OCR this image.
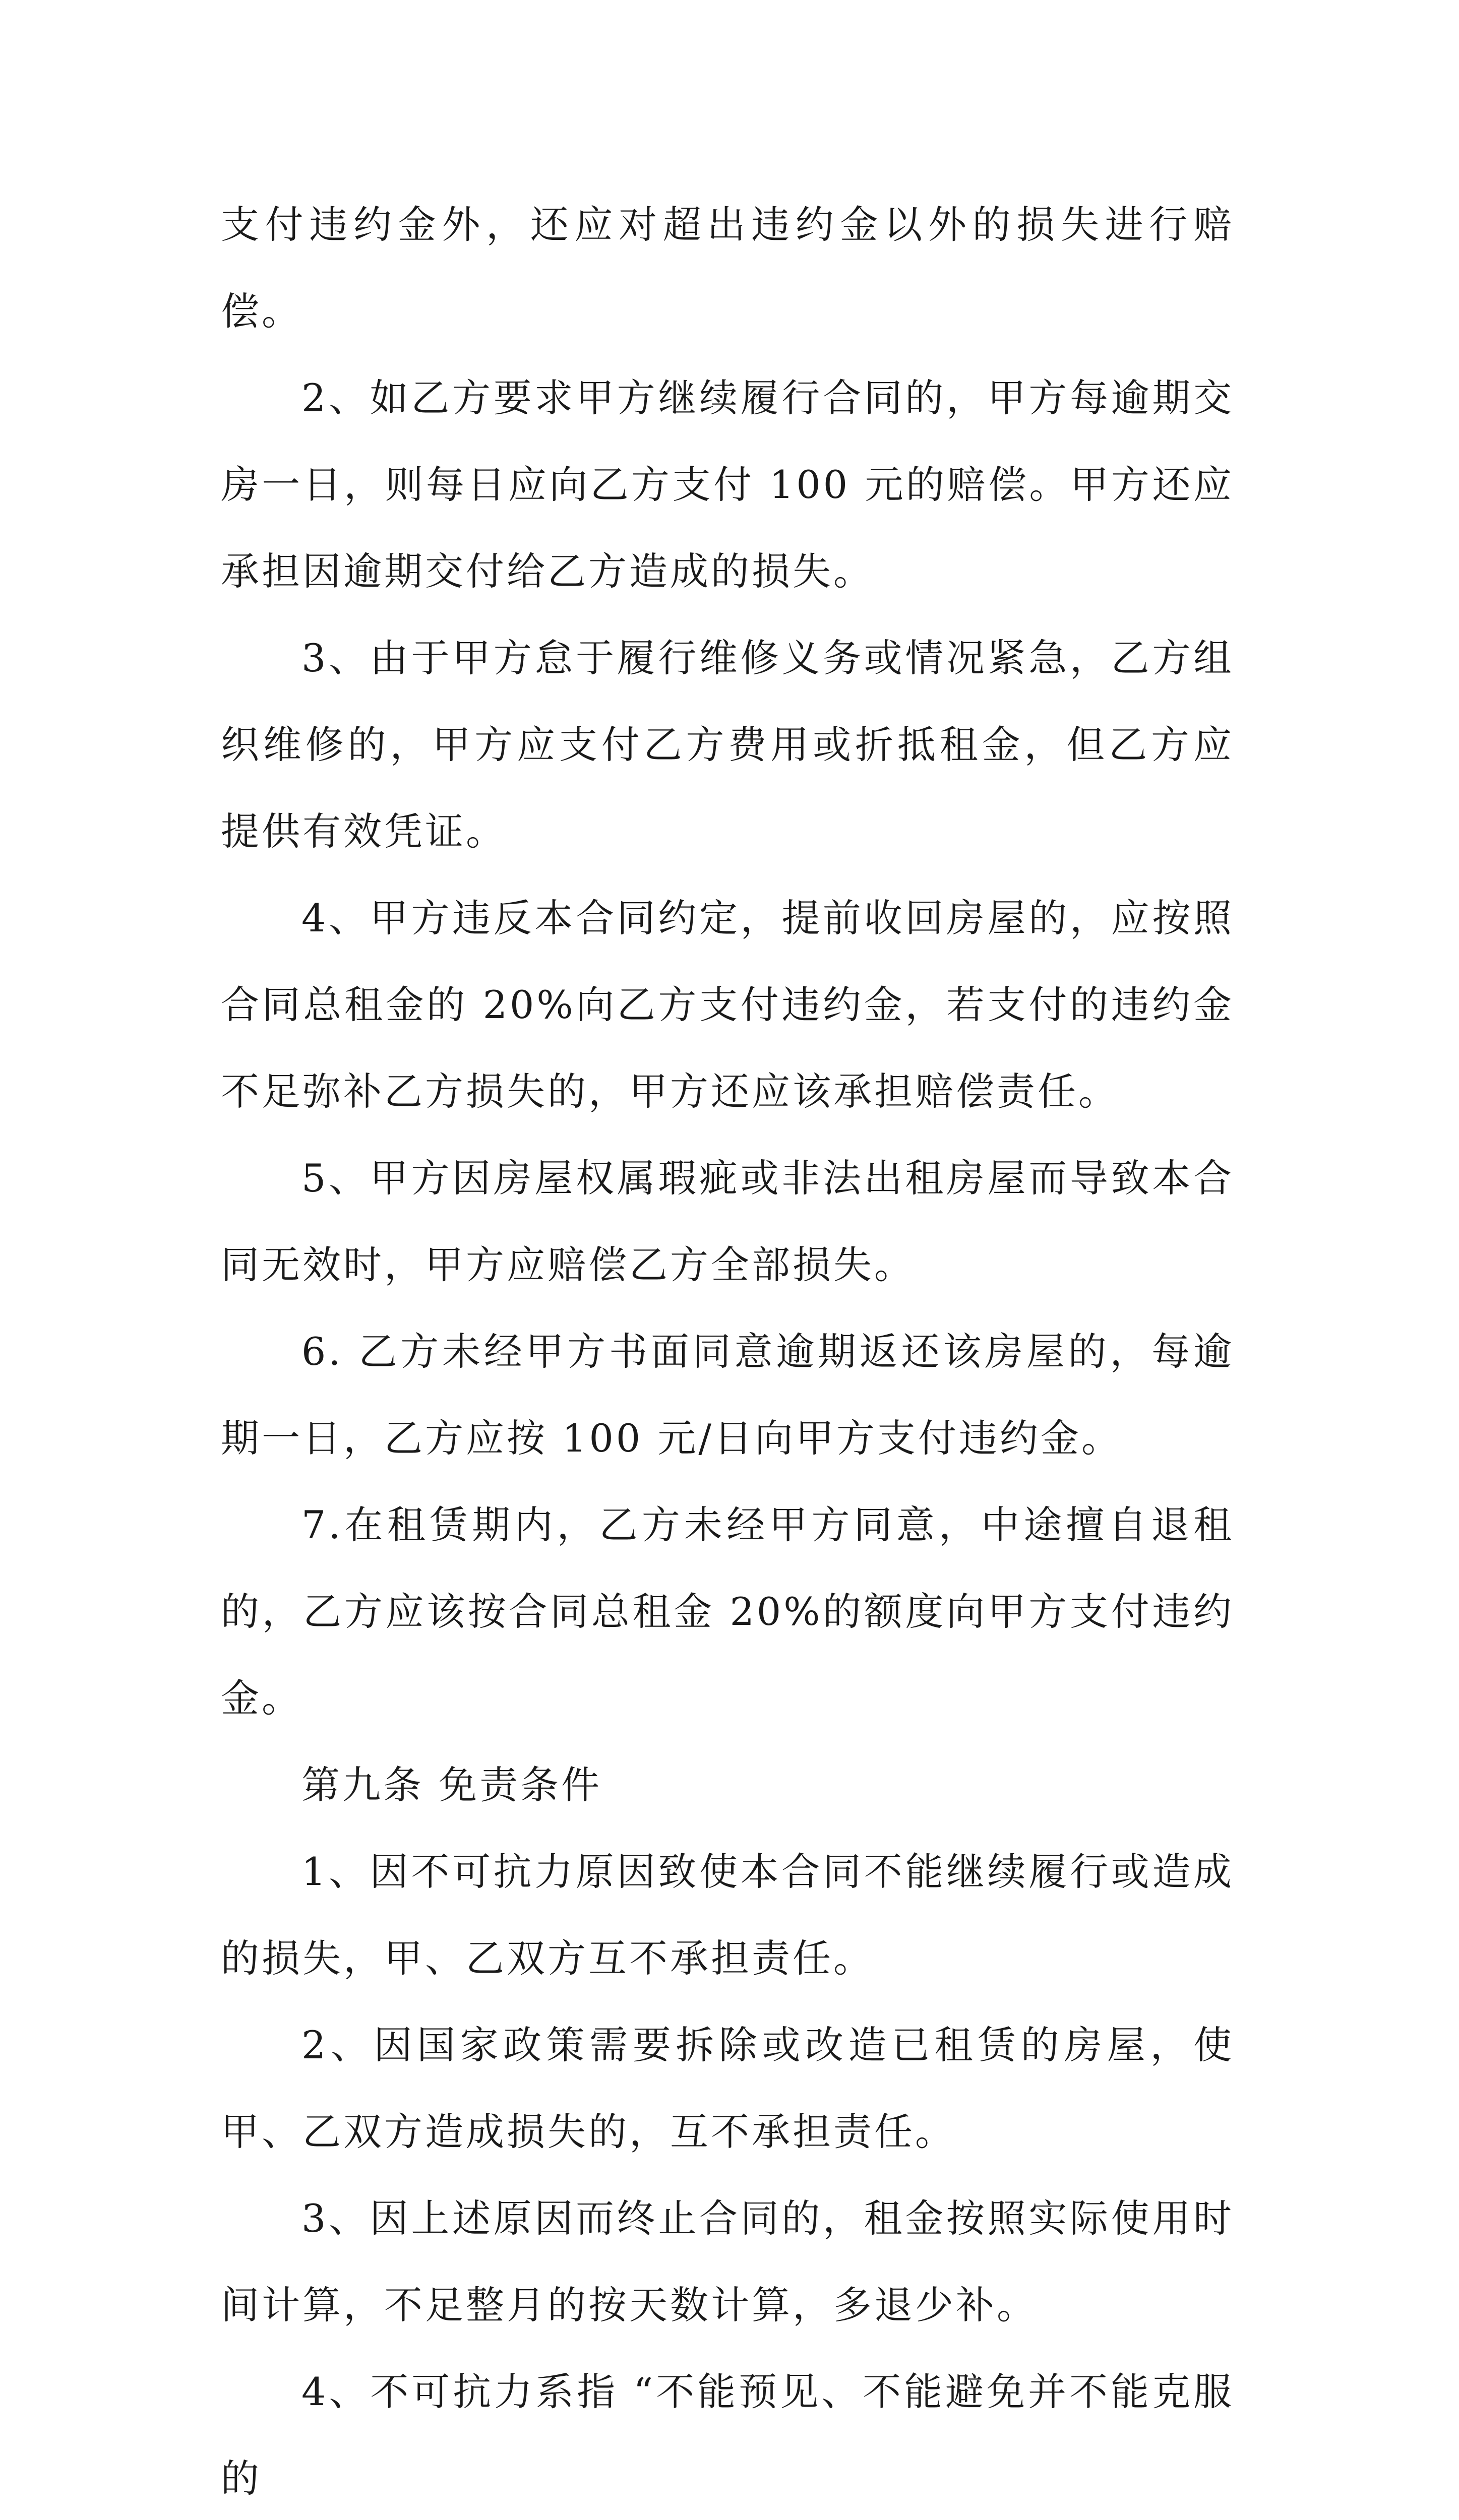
支付违约金外，还应对超出违约金以外的损失进行赔偿。

2、如乙方要求甲方继续履行合同的，甲方每逾期交房一日，则每日应向乙方支付 100 元的赔偿。甲方还应承担因逾期交付给乙方造成的损失。

3、由于甲方怠于履行维修义务或情况紧急，乙方组织维修的，甲方应支付乙方费用或折抵租金，但乙方应提供有效凭证。

4、甲方违反本合同约定，提前收回房屋的，应按照合同总租金的 20%向乙方支付违约金，若支付的违约金不足弥补乙方损失的，甲方还应该承担赔偿责任。

5、甲方因房屋权属瑕疵或非法出租房屋而导致本合同无效时，甲方应赔偿乙方全部损失。

6. 乙方未经甲方书面同意逾期返还该房屋的，每逾期一日，乙方应按 100 元/日向甲方支付违约金。

7.在租赁期内，乙方未经甲方同意，中途擅自退租的，乙方应该按合同总租金 20%的额度向甲方支付违约金。

第九条 免责条件

1、因不可抗力原因致使本合同不能继续履行或造成的损失，甲、乙双方互不承担责任。

2、因国家政策需要拆除或改造已租赁的房屋，使甲、乙双方造成损失的，互不承担责任。

3、因上述原因而终止合同的，租金按照实际使用时间计算，不足整月的按天数计算，多退少补。

4、不可抗力系指 “不能预见、不能避免并不能克服的
